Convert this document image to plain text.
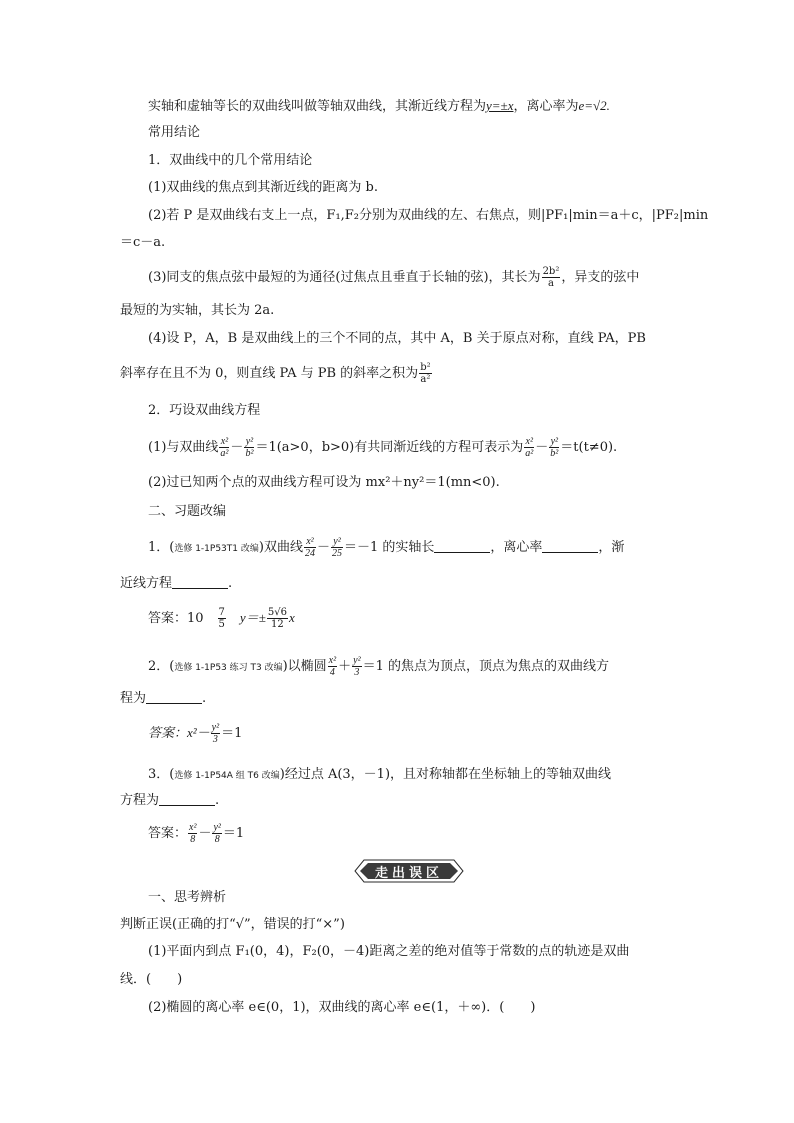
实轴和虚轴等长的双曲线叫做等轴双曲线，其渐近线方程为y=±x，离心率为e=√2.
常用结论
1．双曲线中的几个常用结论
(1)双曲线的焦点到其渐近线的距离为 b.
(2)若 P 是双曲线右支上一点，F₁,F₂分别为双曲线的左、右焦点，则|PF₁|min＝a＋c，|PF₂|min
＝c－a.
(3)同支的焦点弦中最短的为通径(过焦点且垂直于长轴的弦)，其长为 $\frac{\text{2b²}}{a}$ ，异支的弦中
最短的为实轴，其长为 2a.
(4)设 P，A，B 是双曲线上的三个不同的点，其中 A，B 关于原点对称，直线 PA，PB
斜率存在且不为 0，则直线 PA 与 PB 的斜率之积为 $\frac{\text{b²}}{\text{a²}}$
2．巧设双曲线方程
(1)与双曲线 $\frac{\text{x²}}{\text{a²}} - \frac{\text{y²}}{\text{b²}} =1(a>0$，b>0)有共同渐近线的方程可表示为 $\frac{\text{x²}}{\text{a²}} - \frac{\text{y²}}{\text{b²}} =t(t\ne 0)$.
(2)过已知两个点的双曲线方程可设为 mx²＋ny²＝1(mn<0).
二、习题改编
1．(选修 1-1P53T1 改编)双曲线 $\frac{\text{x²}}{24} - \frac{\text{y²}}{25} =-1$ 的实轴长	，离心率	，渐
近线方程	.
答案：10　 $\frac{7}{5}$ 　$y=\pm \frac{5√6}{12}$ x
2．(选修 1-1P53 练习 T3 改编)以椭圆 $\frac{\text{x²}}{4} + \frac{\text{y²}}{3} =1$ 的焦点为顶点，顶点为焦点的双曲线方
程为	.
答案：$x^2- \frac{\text{y²}}{3} =1$
3．(选修 1-1P54A 组 T6 改编)经过点 A(3，－1)，且对称轴都在坐标轴上的等轴双曲线
方程为	.
答案： $\frac{\text{x²}}{8} - \frac{\text{y²}}{8} =1$
走出误区
一、思考辨析
判断正误(正确的打“√”，错误的打“×”)
(1)平面内到点 F₁(0，4)，F₂(0，－4)距离之差的绝对值等于常数的点的轨迹是双曲
线．(　　)
(2)椭圆的离心率 e∈(0，1)，双曲线的离心率 e∈(1，＋∞)．(　　)
